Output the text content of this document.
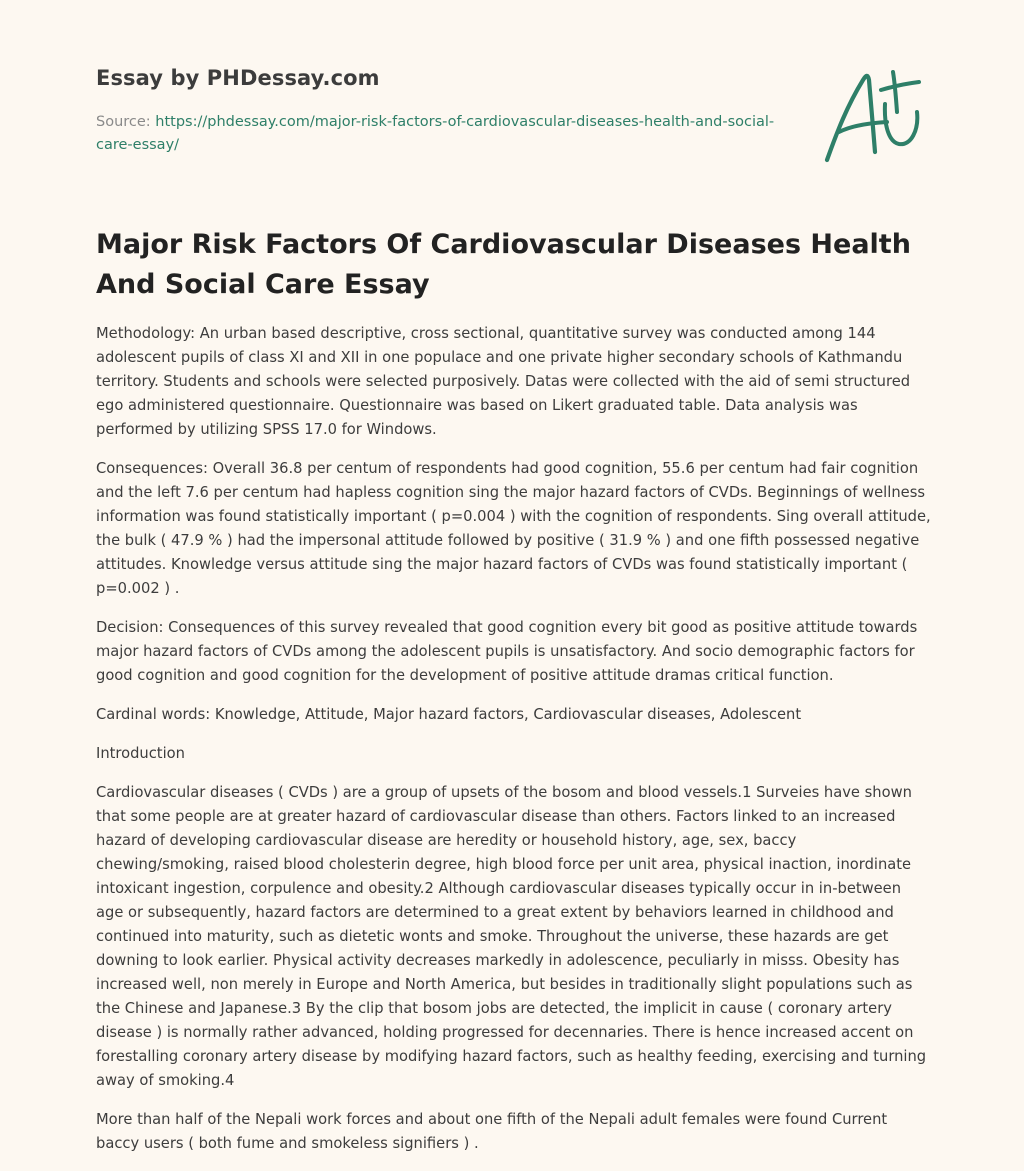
Essay by PHDessay.com
Source: https://phdessay.com/major-risk-factors-of-cardiovascular-diseases-health-and-social-care-essay/
Major Risk Factors Of Cardiovascular Diseases Health And Social Care Essay

Methodology: An urban based descriptive, cross sectional, quantitative survey was conducted among 144 adolescent pupils of class XI and XII in one populace and one private higher secondary schools of Kathmandu territory. Students and schools were selected purposively. Datas were collected with the aid of semi structured ego administered questionnaire. Questionnaire was based on Likert graduated table. Data analysis was performed by utilizing SPSS 17.0 for Windows.

Consequences: Overall 36.8 per centum of respondents had good cognition, 55.6 per centum had fair cognition and the left 7.6 per centum had hapless cognition sing the major hazard factors of CVDs. Beginnings of wellness information was found statistically important ( p=0.004 ) with the cognition of respondents. Sing overall attitude, the bulk ( 47.9 % ) had the impersonal attitude followed by positive ( 31.9 % ) and one fifth possessed negative attitudes. Knowledge versus attitude sing the major hazard factors of CVDs was found statistically important ( p=0.002 ) .

Decision: Consequences of this survey revealed that good cognition every bit good as positive attitude towards major hazard factors of CVDs among the adolescent pupils is unsatisfactory. And socio demographic factors for good cognition and good cognition for the development of positive attitude dramas critical function.

Cardinal words: Knowledge, Attitude, Major hazard factors, Cardiovascular diseases, Adolescent

Introduction

Cardiovascular diseases ( CVDs ) are a group of upsets of the bosom and blood vessels.1 Surveies have shown that some people are at greater hazard of cardiovascular disease than others. Factors linked to an increased hazard of developing cardiovascular disease are heredity or household history, age, sex, baccy chewing/smoking, raised blood cholesterin degree, high blood force per unit area, physical inaction, inordinate intoxicant ingestion, corpulence and obesity.2 Although cardiovascular diseases typically occur in in-between age or subsequently, hazard factors are determined to a great extent by behaviors learned in childhood and continued into maturity, such as dietetic wonts and smoke. Throughout the universe, these hazards are get downing to look earlier. Physical activity decreases markedly in adolescence, peculiarly in misss. Obesity has increased well, non merely in Europe and North America, but besides in traditionally slight populations such as the Chinese and Japanese.3 By the clip that bosom jobs are detected, the implicit in cause ( coronary artery disease ) is normally rather advanced, holding progressed for decennaries. There is hence increased accent on forestalling coronary artery disease by modifying hazard factors, such as healthy feeding, exercising and turning away of smoking.4

More than half of the Nepali work forces and about one fifth of the Nepali adult females were found Current baccy users ( both fume and smokeless signifiers ) .
